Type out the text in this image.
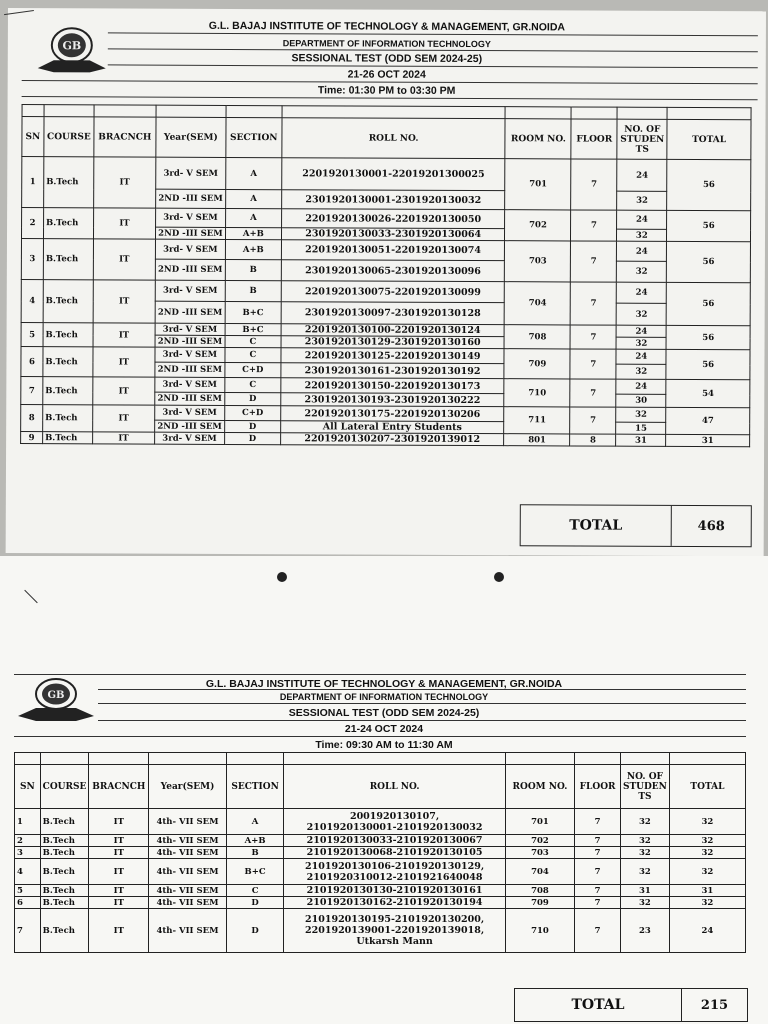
GB
G.L. BAJAJ INSTITUTE OF TECHNOLOGY & MANAGEMENT, GR.NOIDA
DEPARTMENT OF INFORMATION TECHNOLOGY
SESSIONAL TEST (ODD SEM 2024-25)
21-26 OCT 2024
Time: 01:30 PM to 03:30 PM

SN	COURSE	BRACNCH	Year(SEM)	SECTION	ROLL NO.	ROOM NO.	FLOOR	NO. OF STUDEN TS	TOTAL
1	B.Tech	IT	3rd- V SEM	A	2201920130001-22019201300025	701	7	24	56
			2ND -III SEM	A	2301920130001-2301920130032			32	
2	B.Tech	IT	3rd- V SEM	A	2201920130026-2201920130050	702	7	24	56
			2ND -III SEM	A+B	2301920130033-2301920130064			32	
3	B.Tech	IT	3rd- V SEM	A+B	2201920130051-2201920130074	703	7	24	56
			2ND -III SEM	B	2301920130065-2301920130096			32	
4	B.Tech	IT	3rd- V SEM	B	2201920130075-2201920130099	704	7	24	56
			2ND -III SEM	B+C	2301920130097-2301920130128			32	
5	B.Tech	IT	3rd- V SEM	B+C	2201920130100-2201920130124	708	7	24	56
			2ND -III SEM	C	2301920130129-2301920130160			32	
6	B.Tech	IT	3rd- V SEM	C	2201920130125-2201920130149	709	7	24	56
			2ND -III SEM	C+D	2301920130161-2301920130192			32	
7	B.Tech	IT	3rd- V SEM	C	2201920130150-2201920130173	710	7	24	54
			2ND -III SEM	D	2301920130193-2301920130222			30	
8	B.Tech	IT	3rd- V SEM	C+D	2201920130175-2201920130206	711	7	32	47
			2ND -III SEM	D	All Lateral Entry Students			15	
9	B.Tech	IT	3rd- V SEM	D	2201920130207-2301920139012	801	8	31	31
TOTAL	468
GB
G.L. BAJAJ INSTITUTE OF TECHNOLOGY & MANAGEMENT, GR.NOIDA
DEPARTMENT OF INFORMATION TECHNOLOGY
SESSIONAL TEST (ODD SEM 2024-25)
21-24 OCT 2024
Time: 09:30 AM to 11:30 AM

SN	COURSE	BRACNCH	Year(SEM)	SECTION	ROLL NO.	ROOM NO.	FLOOR	NO. OF STUDEN TS	TOTAL
1	B.Tech	IT	4th- VII SEM	A	2001920130107,
2101920130001-2101920130032	701	7	32	32
2	B.Tech	IT	4th- VII SEM	A+B	2101920130033-2101920130067	702	7	32	32
3	B.Tech	IT	4th- VII SEM	B	2101920130068-2101920130105	703	7	32	32
4	B.Tech	IT	4th- VII SEM	B+C	2101920130106-2101920130129,
2101920310012-2101921640048	704	7	32	32
5	B.Tech	IT	4th- VII SEM	C	2101920130130-2101920130161	708	7	31	31
6	B.Tech	IT	4th- VII SEM	D	2101920130162-2101920130194	709	7	32	32
7	B.Tech	IT	4th- VII SEM	D	2101920130195-2101920130200,
2201920139001-2201920139018,
Utkarsh Mann	710	7	23	24
TOTAL	215
